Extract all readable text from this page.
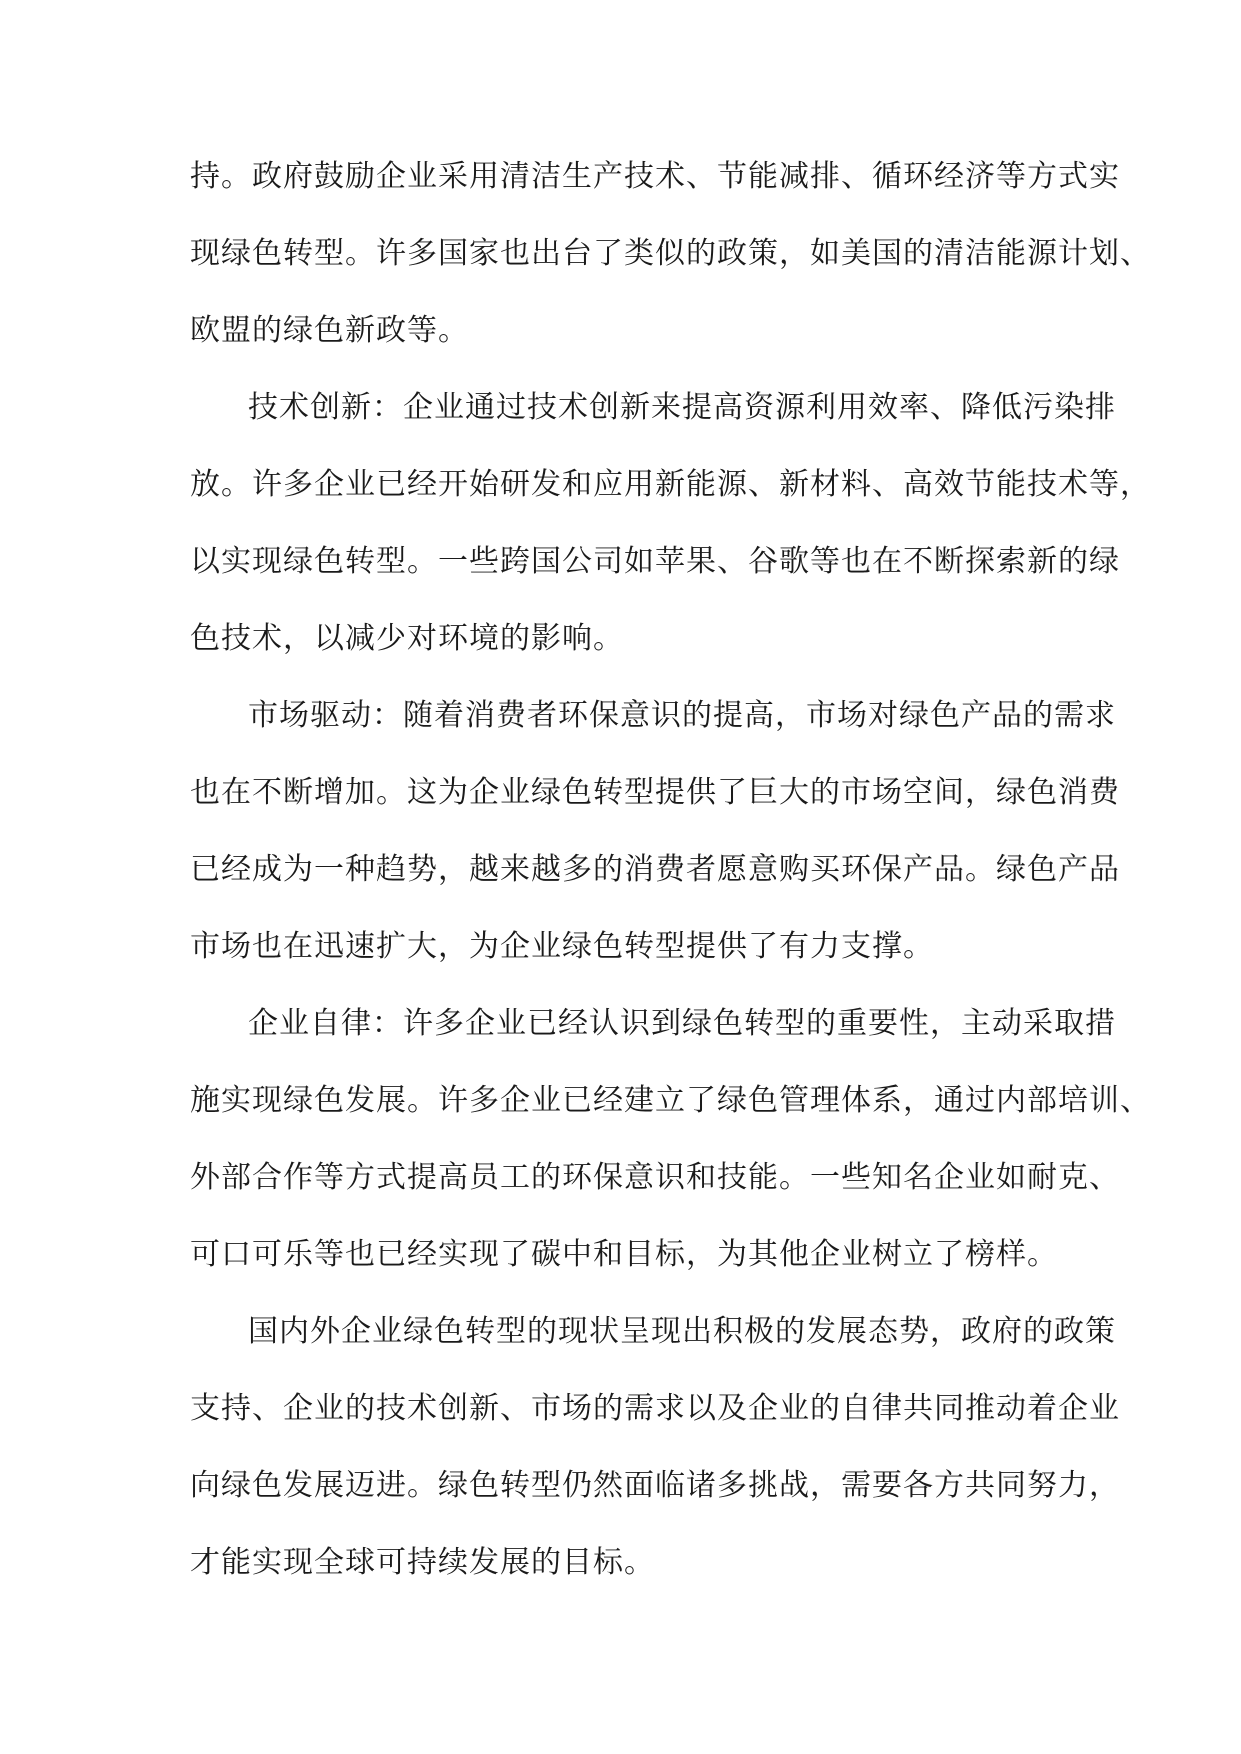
持。政府鼓励企业采用清洁生产技术、节能减排、循环经济等方式实
现绿色转型。许多国家也出台了类似的政策，如美国的清洁能源计划、
欧盟的绿色新政等。
技术创新：企业通过技术创新来提高资源利用效率、降低污染排
放。许多企业已经开始研发和应用新能源、新材料、高效节能技术等，
以实现绿色转型。一些跨国公司如苹果、谷歌等也在不断探索新的绿
色技术，以减少对环境的影响。
市场驱动：随着消费者环保意识的提高，市场对绿色产品的需求
也在不断增加。这为企业绿色转型提供了巨大的市场空间，绿色消费
已经成为一种趋势，越来越多的消费者愿意购买环保产品。绿色产品
市场也在迅速扩大，为企业绿色转型提供了有力支撑。
企业自律：许多企业已经认识到绿色转型的重要性，主动采取措
施实现绿色发展。许多企业已经建立了绿色管理体系，通过内部培训、
外部合作等方式提高员工的环保意识和技能。一些知名企业如耐克、
可口可乐等也已经实现了碳中和目标，为其他企业树立了榜样。
国内外企业绿色转型的现状呈现出积极的发展态势，政府的政策
支持、企业的技术创新、市场的需求以及企业的自律共同推动着企业
向绿色发展迈进。绿色转型仍然面临诸多挑战，需要各方共同努力，
才能实现全球可持续发展的目标。
